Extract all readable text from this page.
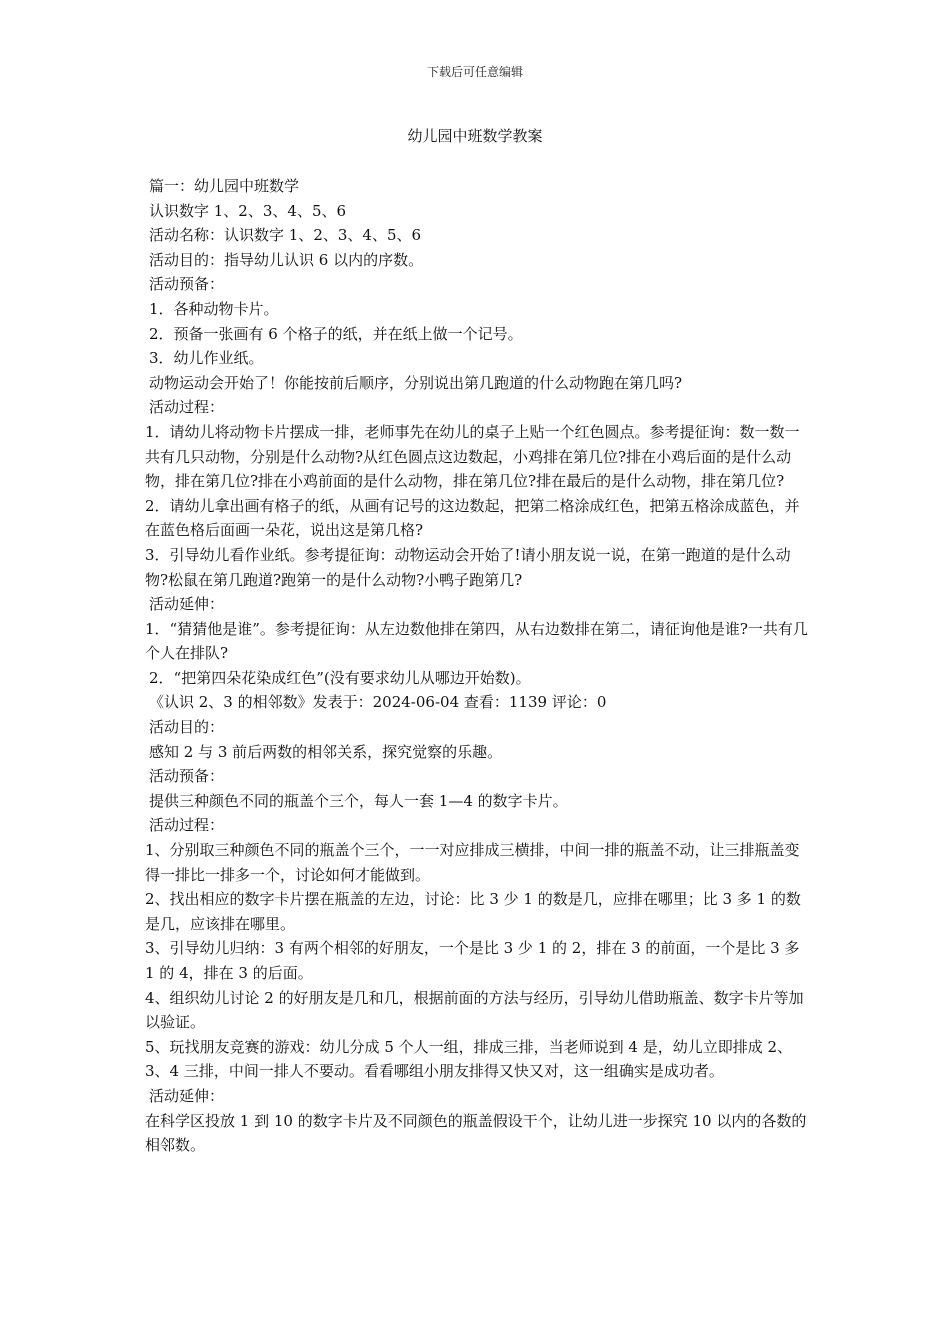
下载后可任意编辑
幼儿园中班数学教案

篇一：幼儿园中班数学

认识数字 1、2、3、4、5、6

活动名称：认识数字 1、2、3、4、5、6

活动目的：指导幼儿认识 6 以内的序数。

活动预备：

1．各种动物卡片。

2．预备一张画有 6 个格子的纸，并在纸上做一个记号。

3．幼儿作业纸。

动物运动会开始了！你能按前后顺序，分别说出第几跑道的什么动物跑在第几吗?

活动过程：

1．请幼儿将动物卡片摆成一排，老师事先在幼儿的桌子上贴一个红色圆点。参考提征询：数一数一共有几只动物，分别是什么动物?从红色圆点这边数起，小鸡排在第几位?排在小鸡后面的是什么动物，排在第几位?排在小鸡前面的是什么动物，排在第几位?排在最后的是什么动物，排在第几位?

2．请幼儿拿出画有格子的纸，从画有记号的这边数起，把第二格涂成红色，把第五格涂成蓝色，并在蓝色格后面画一朵花，说出这是第几格?

3．引导幼儿看作业纸。参考提征询：动物运动会开始了!请小朋友说一说，在第一跑道的是什么动物?松鼠在第几跑道?跑第一的是什么动物?小鸭子跑第几?

活动延伸：

1．“猜猜他是谁”。参考提征询：从左边数他排在第四，从右边数排在第二，请征询他是谁?一共有几个人在排队?

2．“把第四朵花染成红色”(没有要求幼儿从哪边开始数)。

《认识 2、3 的相邻数》发表于：2024-06-04 查看：1139 评论：0

活动目的：

感知 2 与 3 前后两数的相邻关系，探究觉察的乐趣。

活动预备：

提供三种颜色不同的瓶盖个三个，每人一套 1—4 的数字卡片。

活动过程：

1、分别取三种颜色不同的瓶盖个三个，一一对应排成三横排，中间一排的瓶盖不动，让三排瓶盖变得一排比一排多一个，讨论如何才能做到。

2、找出相应的数字卡片摆在瓶盖的左边，讨论：比 3 少 1 的数是几，应排在哪里；比 3 多 1 的数是几，应该排在哪里。

3、引导幼儿归纳：3 有两个相邻的好朋友，一个是比 3 少 1 的 2，排在 3 的前面，一个是比 3 多 1 的 4，排在 3 的后面。

4、组织幼儿讨论 2 的好朋友是几和几，根据前面的方法与经历，引导幼儿借助瓶盖、数字卡片等加以验证。

5、玩找朋友竞赛的游戏：幼儿分成 5 个人一组，排成三排，当老师说到 4 是，幼儿立即排成 2、3、4 三排，中间一排人不要动。看看哪组小朋友排得又快又对，这一组确实是成功者。

活动延伸：

在科学区投放 1 到 10 的数字卡片及不同颜色的瓶盖假设干个，让幼儿进一步探究 10 以内的各数的相邻数。
